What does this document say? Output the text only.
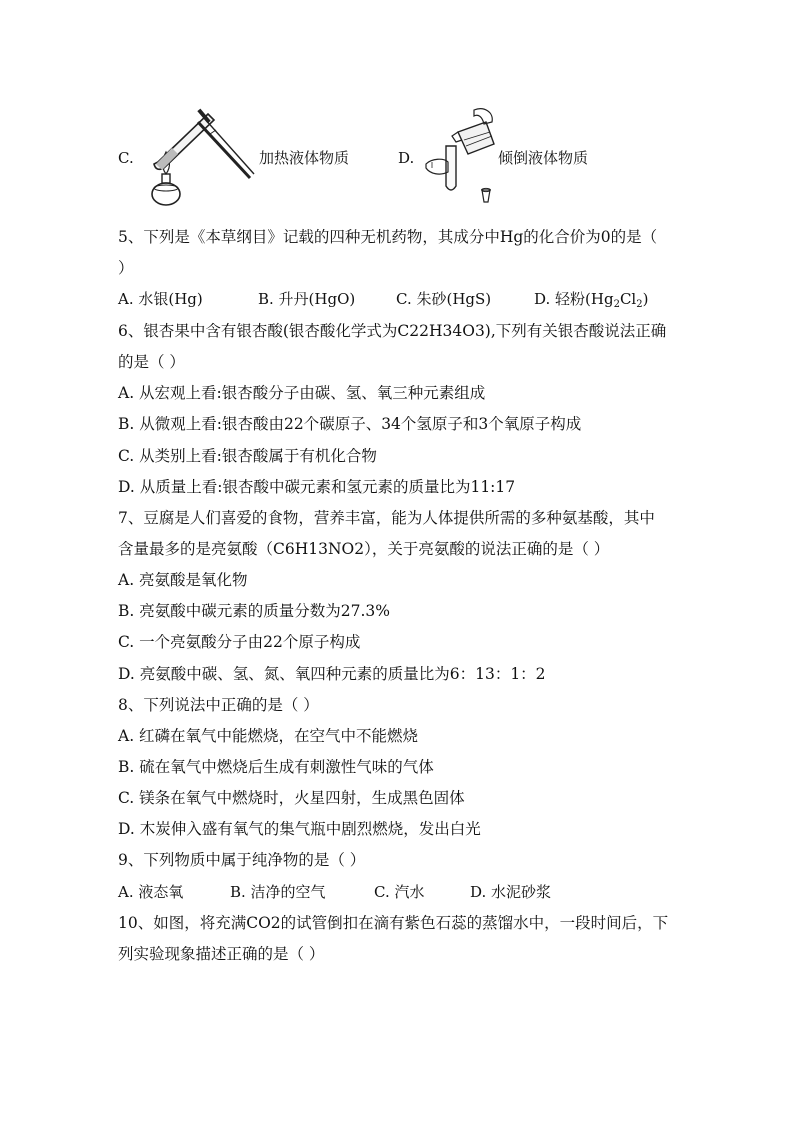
C.	加热液体物质	D.	倾倒液体物质
5、下列是《本草纲目》记载的四种无机药物，其成分中Hg的化合价为0的是（
）
A. 水银(Hg)	B. 升丹(HgO)	C. 朱砂(HgS)	D. 轻粉$(Hg_2Cl_2)$
6、银杏果中含有银杏酸(银杏酸化学式为C22H34O3),下列有关银杏酸说法正确
的是（ ）
A. 从宏观上看:银杏酸分子由碳、氢、氧三种元素组成
B. 从微观上看:银杏酸由22个碳原子、34个氢原子和3个氧原子构成
C. 从类别上看:银杏酸属于有机化合物
D. 从质量上看:银杏酸中碳元素和氢元素的质量比为11:17
7、豆腐是人们喜爱的食物，营养丰富，能为人体提供所需的多种氨基酸，其中
含量最多的是亮氨酸（C6H13NO2），关于亮氨酸的说法正确的是（ ）
A. 亮氨酸是氧化物
B. 亮氨酸中碳元素的质量分数为27.3%
C. 一个亮氨酸分子由22个原子构成
D. 亮氨酸中碳、氢、氮、氧四种元素的质量比为6：13：1：2
8、下列说法中正确的是（ ）
A. 红磷在氧气中能燃烧，在空气中不能燃烧
B. 硫在氧气中燃烧后生成有刺激性气味的气体
C. 镁条在氧气中燃烧时，火星四射，生成黑色固体
D. 木炭伸入盛有氧气的集气瓶中剧烈燃烧，发出白光
9、下列物质中属于纯净物的是（ ）
A. 液态氧	B. 洁净的空气	C. 汽水	D. 水泥砂浆
10、如图，将充满CO2的试管倒扣在滴有紫色石蕊的蒸馏水中，一段时间后，下
列实验现象描述正确的是（ ）
